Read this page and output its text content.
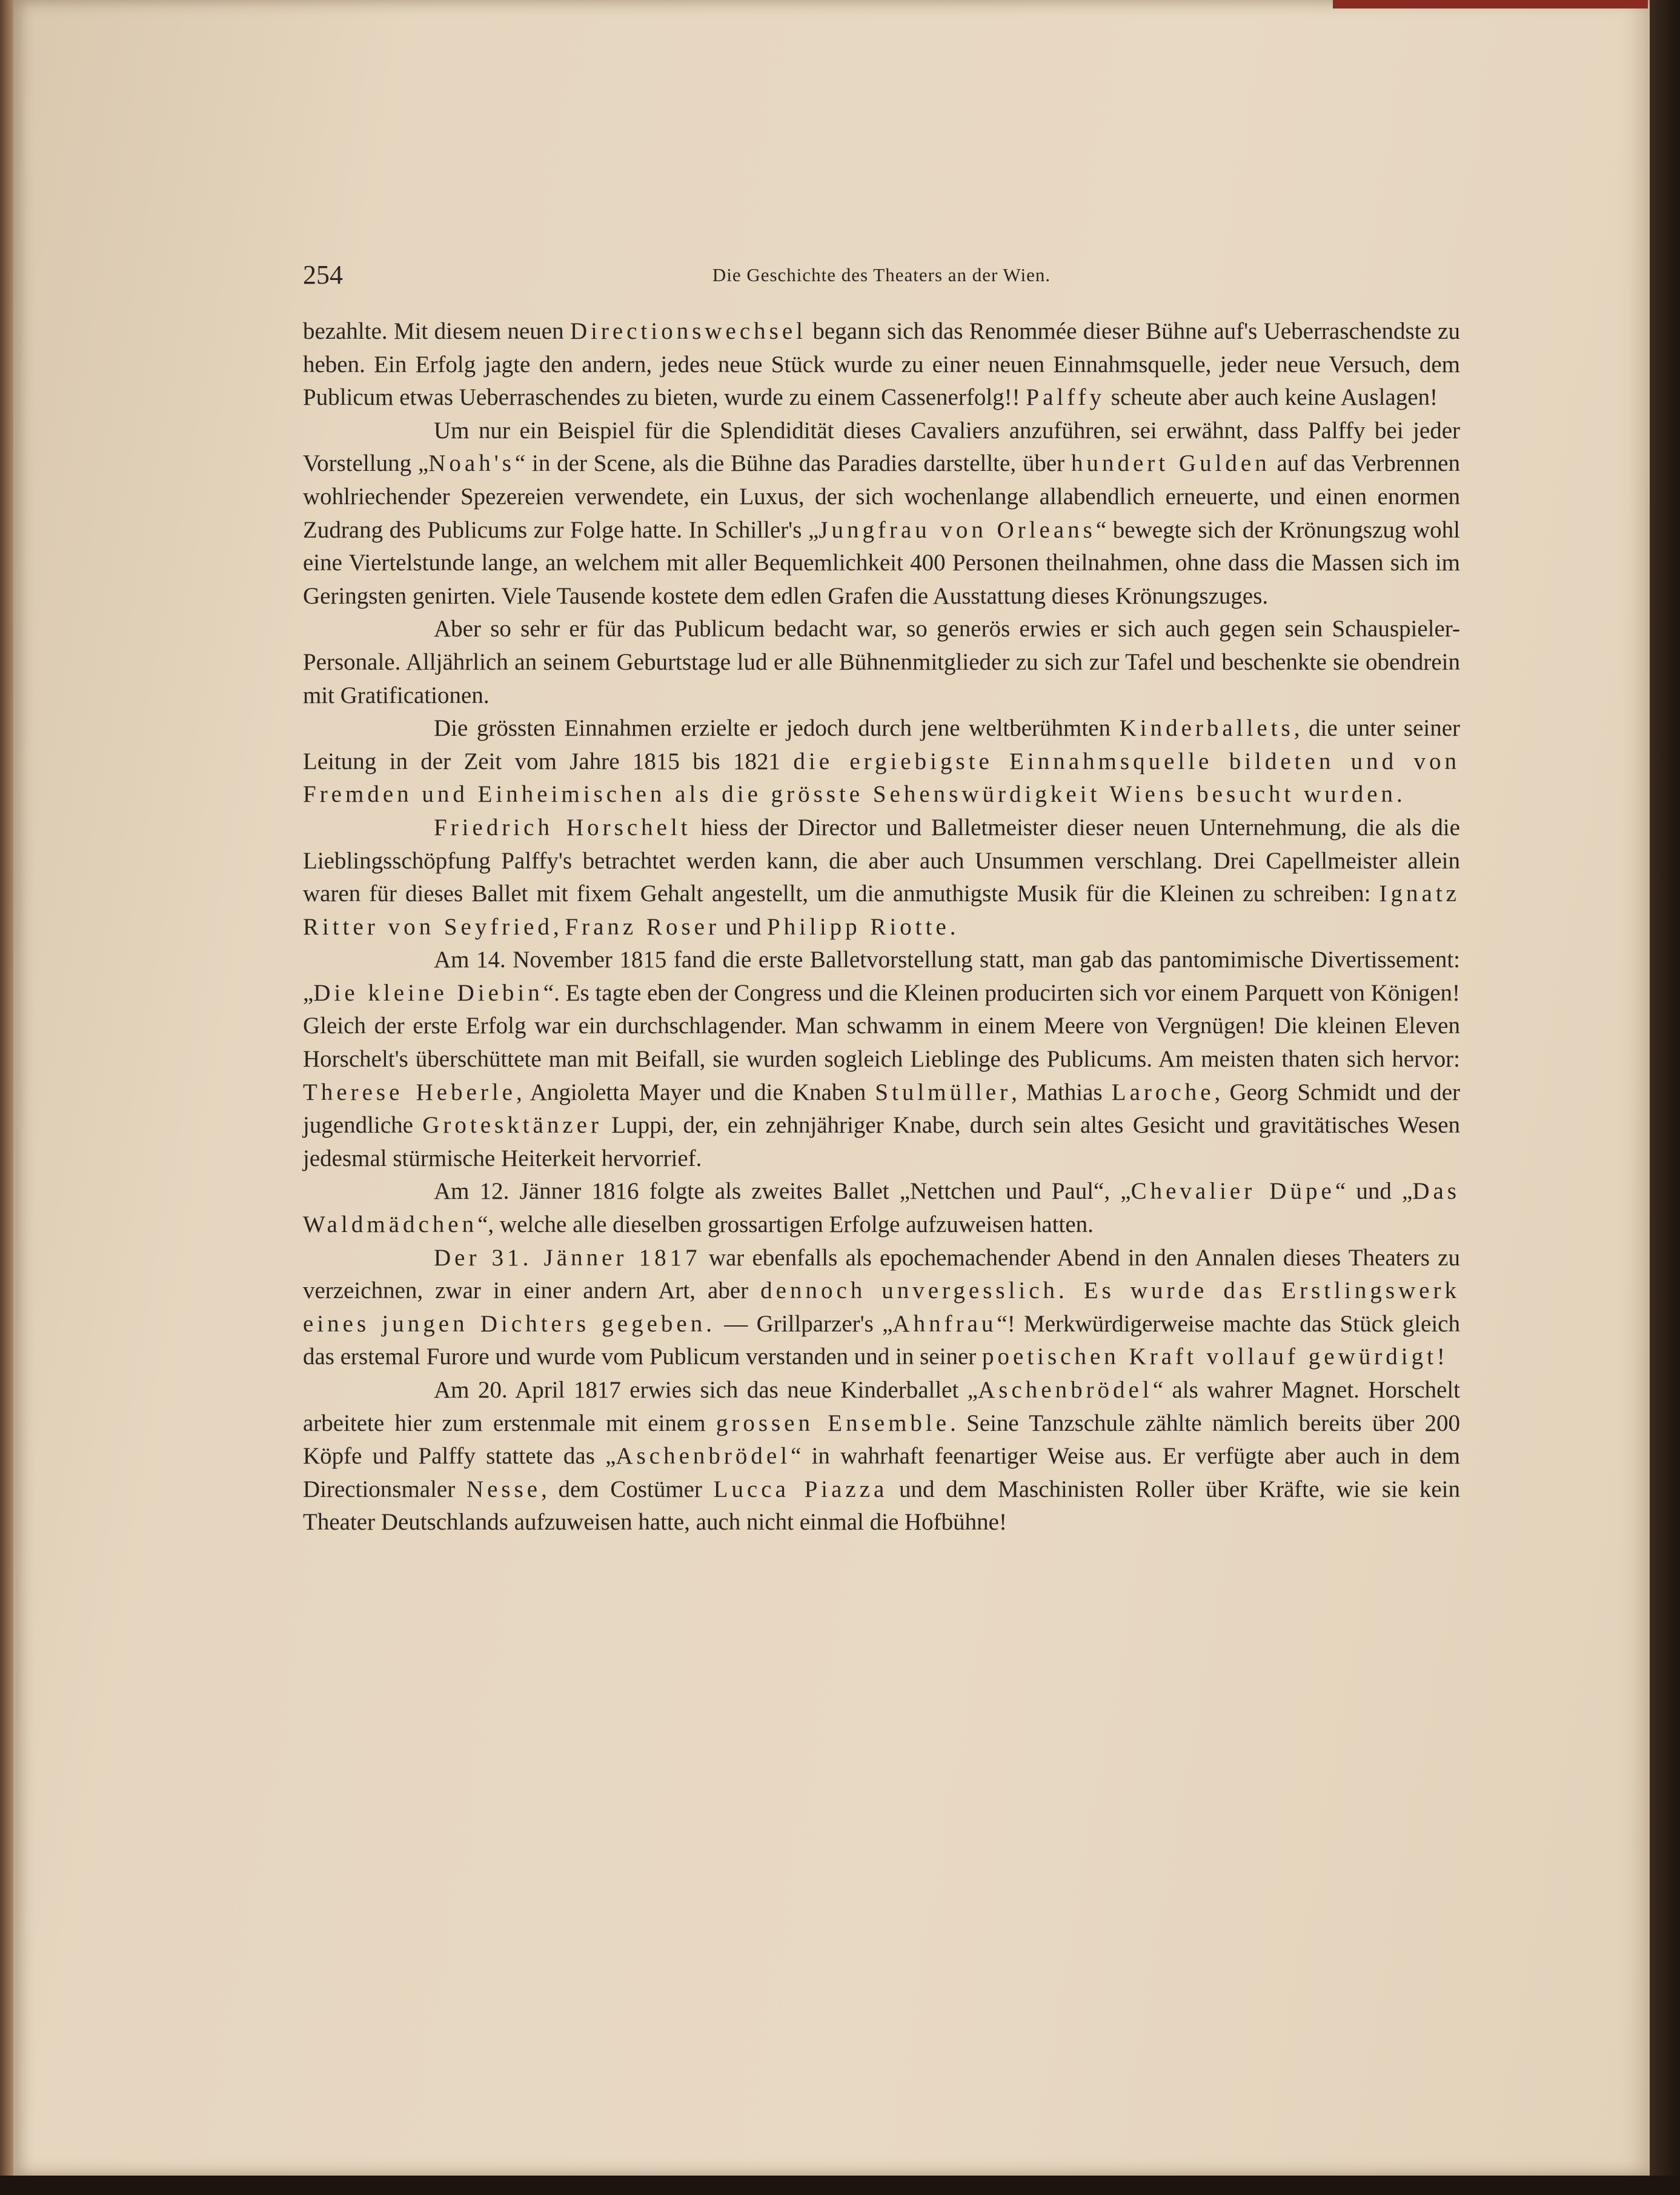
254	Die Geschichte des Theaters an der Wien.

bezahlte. Mit diesem neuen Directionswechsel begann sich das Renommée dieser Bühne auf's Ueberraschendste zu heben. Ein Erfolg jagte den andern, jedes neue Stück wurde zu einer neuen Einnahmsquelle, jeder neue Versuch, dem Publicum etwas Ueberraschendes zu bieten, wurde zu einem Cassenerfolg!! Palffy scheute aber auch keine Auslagen!

Um nur ein Beispiel für die Splendidität dieses Cavaliers anzuführen, sei erwähnt, dass Palffy bei jeder Vorstellung „Noah's“ in der Scene, als die Bühne das Paradies darstellte, über hundert Gulden auf das Verbrennen wohlriechender Spezereien verwendete, ein Luxus, der sich wochenlange allabendlich erneuerte, und einen enormen Zudrang des Publicums zur Folge hatte. In Schiller's „Jungfrau von Orleans“ bewegte sich der Krönungszug wohl eine Viertelstunde lange, an welchem mit aller Bequemlichkeit 400 Personen theilnahmen, ohne dass die Massen sich im Geringsten genirten. Viele Tausende kostete dem edlen Grafen die Ausstattung dieses Krönungszuges.

Aber so sehr er für das Publicum bedacht war, so generös erwies er sich auch gegen sein Schauspieler-Personale. Alljährlich an seinem Geburtstage lud er alle Bühnenmitglieder zu sich zur Tafel und beschenkte sie obendrein mit Gratificationen.

Die grössten Einnahmen erzielte er jedoch durch jene weltberühmten Kinderballets, die unter seiner Leitung in der Zeit vom Jahre 1815 bis 1821 die ergiebigste Einnahmsquelle bildeten und von Fremden und Einheimischen als die grösste Sehenswürdigkeit Wiens besucht wurden.

Friedrich Horschelt hiess der Director und Balletmeister dieser neuen Unternehmung, die als die Lieblingsschöpfung Palffy's betrachtet werden kann, die aber auch Unsummen verschlang. Drei Capellmeister allein waren für dieses Ballet mit fixem Gehalt angestellt, um die anmuthigste Musik für die Kleinen zu schreiben: Ignatz Ritter von Seyfried, Franz Roser und Philipp Riotte.

Am 14. November 1815 fand die erste Balletvorstellung statt, man gab das pantomimische Divertissement: „Die kleine Diebin“. Es tagte eben der Congress und die Kleinen producirten sich vor einem Parquett von Königen! Gleich der erste Erfolg war ein durchschlagender. Man schwamm in einem Meere von Vergnügen! Die kleinen Eleven Horschelt's überschüttete man mit Beifall, sie wurden sogleich Lieblinge des Publicums. Am meisten thaten sich hervor: Therese Heberle, Angioletta Mayer und die Knaben Stulmüller, Mathias Laroche, Georg Schmidt und der jugendliche Grotesktänzer Luppi, der, ein zehnjähriger Knabe, durch sein altes Gesicht und gravitätisches Wesen jedesmal stürmische Heiterkeit hervorrief.

Am 12. Jänner 1816 folgte als zweites Ballet „Nettchen und Paul“, „Chevalier Düpe“ und „Das Waldmädchen“, welche alle dieselben grossartigen Erfolge aufzuweisen hatten.

Der 31. Jänner 1817 war ebenfalls als epochemachender Abend in den Annalen dieses Theaters zu verzeichnen, zwar in einer andern Art, aber dennoch unvergesslich. Es wurde das Erstlingswerk eines jungen Dichters gegeben. — Grillparzer's „Ahnfrau“! Merkwürdigerweise machte das Stück gleich das erstemal Furore und wurde vom Publicum verstanden und in seiner poetischen Kraft vollauf gewürdigt!

Am 20. April 1817 erwies sich das neue Kinderballet „Aschenbrödel“ als wahrer Magnet. Horschelt arbeitete hier zum erstenmale mit einem grossen Ensemble. Seine Tanzschule zählte nämlich bereits über 200 Köpfe und Palffy stattete das „Aschenbrödel“ in wahrhaft feenartiger Weise aus. Er verfügte aber auch in dem Directionsmaler Nesse, dem Costümer Lucca Piazza und dem Maschinisten Roller über Kräfte, wie sie kein Theater Deutschlands aufzuweisen hatte, auch nicht einmal die Hofbühne!
